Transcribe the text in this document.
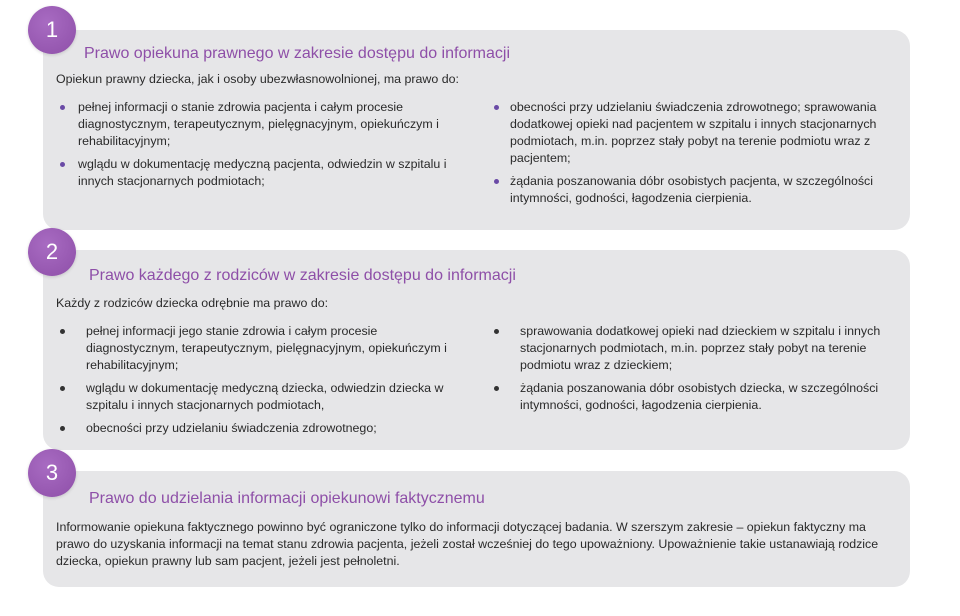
Prawo opiekuna prawnego w zakresie dostępu do informacji
Opiekun prawny dziecka, jak i osoby ubezwłasnowolnionej, ma prawo do:
pełnej informacji o stanie zdrowia pacjenta i całym procesie diagnostycznym, terapeutycznym, pielęgnacyjnym, opiekuńczym i rehabilitacyjnym;
wglądu w dokumentację medyczną pacjenta, odwiedzin w szpitalu i innych stacjonarnych podmiotach;
obecności przy udzielaniu świadczenia zdrowotnego; sprawowania dodatkowej opieki nad pacjentem w szpitalu i innych stacjonarnych podmiotach, m.in. poprzez stały pobyt na terenie podmiotu wraz z pacjentem;
żądania poszanowania dóbr osobistych pacjenta, w szczególności intymności, godności, łagodzenia cierpienia.
1
Prawo każdego z rodziców w zakresie dostępu do informacji
Każdy z rodziców dziecka odrębnie ma prawo do:
pełnej informacji jego stanie zdrowia i całym procesie diagnostycznym, terapeutycznym, pielęgnacyjnym, opiekuńczym i rehabilitacyjnym;
wglądu w dokumentację medyczną dziecka, odwiedzin dziecka w szpitalu i innych stacjonarnych podmiotach,
obecności przy udzielaniu świadczenia zdrowotnego;
sprawowania dodatkowej opieki nad dzieckiem w szpitalu i innych stacjonarnych podmiotach, m.in. poprzez stały pobyt na terenie podmiotu wraz z dzieckiem;
żądania poszanowania dóbr osobistych dziecka, w szczególności intymności, godności, łagodzenia cierpienia.
2
Prawo do udzielania informacji opiekunowi faktycznemu

Informowanie opiekuna faktycznego powinno być ograniczone tylko do informacji dotyczącej badania. W szerszym zakresie – opiekun faktyczny ma prawo do uzyskania informacji na temat stanu zdrowia pacjenta, jeżeli został wcześniej do tego upoważniony. Upoważnienie takie ustanawiają rodzice dziecka, opiekun prawny lub sam pacjent, jeżeli jest pełnoletni.

3
